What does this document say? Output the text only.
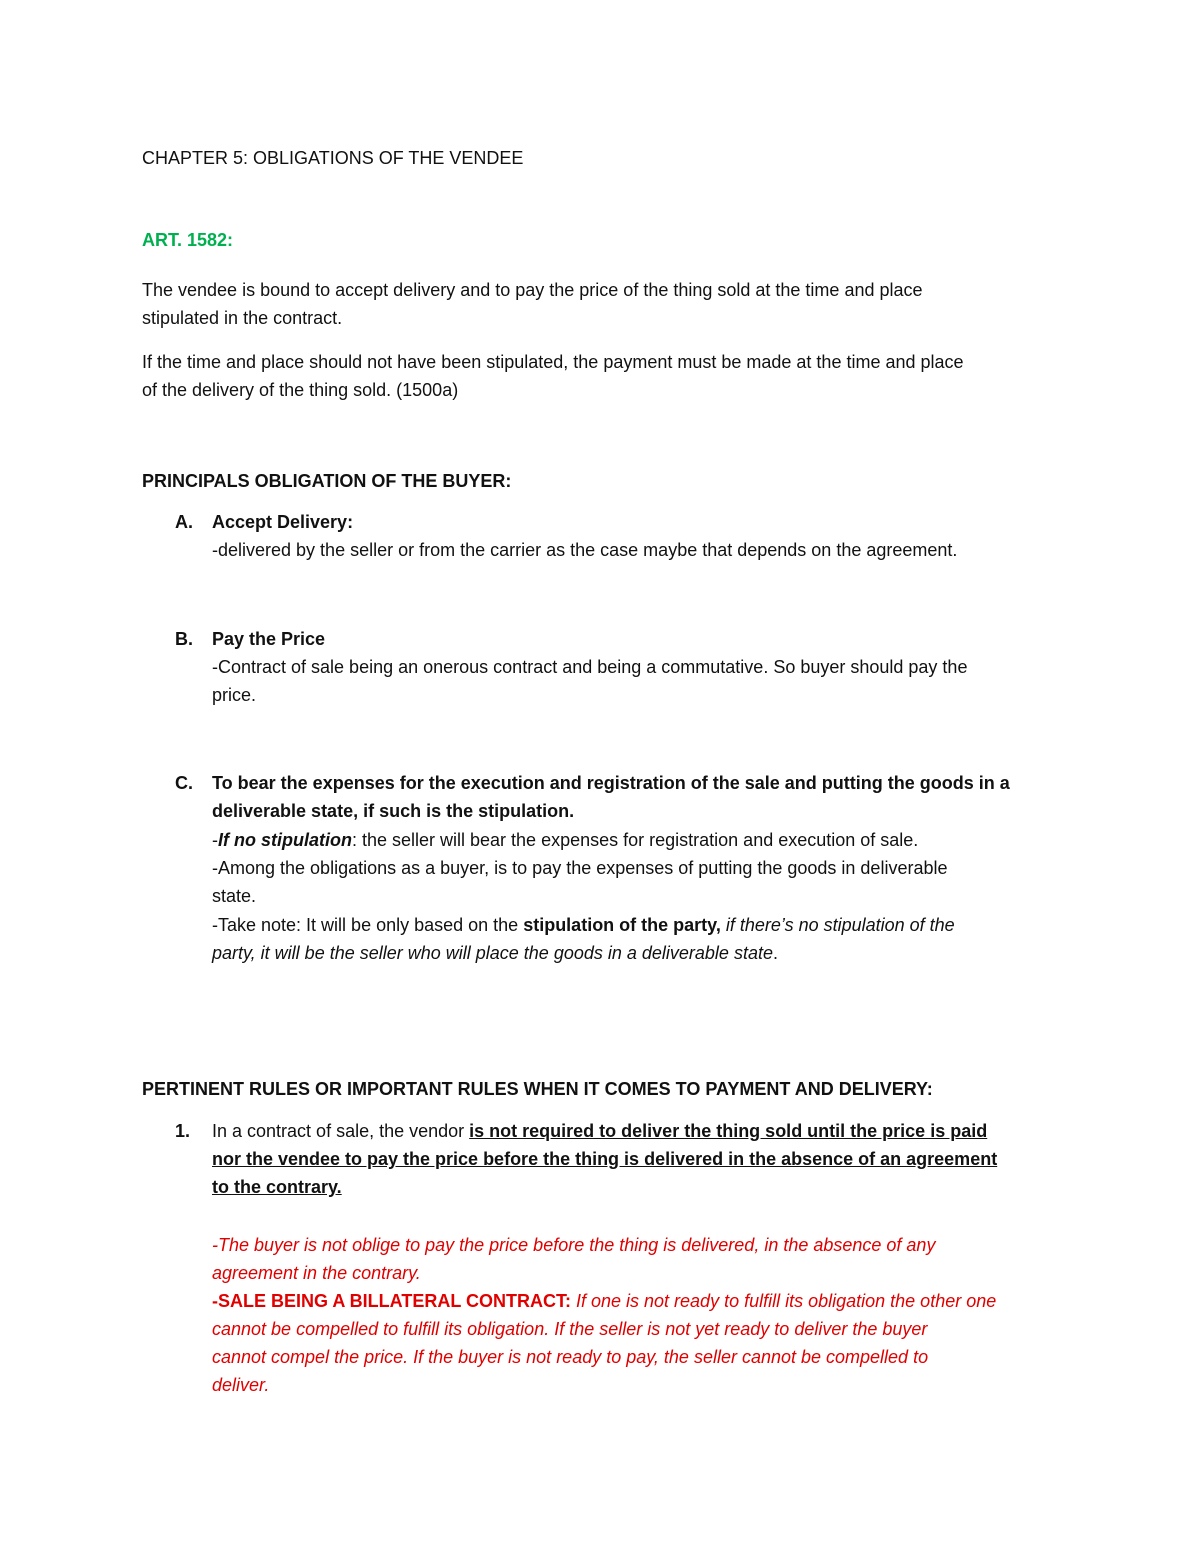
CHAPTER 5: OBLIGATIONS OF THE VENDEE
ART. 1582:
The vendee is bound to accept delivery and to pay the price of the thing sold at the time and place
stipulated in the contract.
If the time and place should not have been stipulated, the payment must be made at the time and place
of the delivery of the thing sold. (1500a)
PRINCIPALS OBLIGATION OF THE BUYER:
A. Accept Delivery:
-delivered by the seller or from the carrier as the case maybe that depends on the agreement.
B. Pay the Price
-Contract of sale being an onerous contract and being a commutative. So buyer should pay the
price.
C. To bear the expenses for the execution and registration of the sale and putting the goods in a
deliverable state, if such is the stipulation.
-If no stipulation: the seller will bear the expenses for registration and execution of sale.
-Among the obligations as a buyer, is to pay the expenses of putting the goods in deliverable
state.
-Take note: It will be only based on the stipulation of the party, if there’s no stipulation of the
party, it will be the seller who will place the goods in a deliverable state.
PERTINENT RULES OR IMPORTANT RULES WHEN IT COMES TO PAYMENT AND DELIVERY:
1. In a contract of sale, the vendor is not required to deliver the thing sold until the price is paid
nor the vendee to pay the price before the thing is delivered in the absence of an agreement
to the contrary.
-The buyer is not oblige to pay the price before the thing is delivered, in the absence of any
agreement in the contrary.
-SALE BEING A BILLATERAL CONTRACT: If one is not ready to fulfill its obligation the other one
cannot be compelled to fulfill its obligation. If the seller is not yet ready to deliver the buyer
cannot compel the price. If the buyer is not ready to pay, the seller cannot be compelled to
deliver.
